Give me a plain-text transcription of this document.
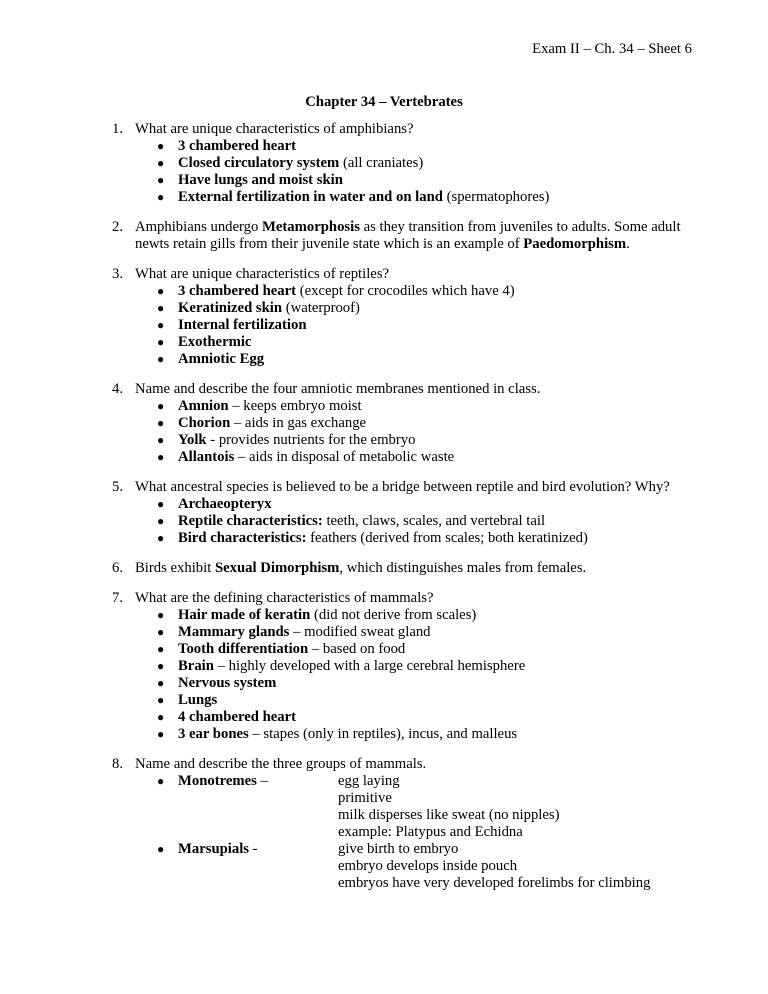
Exam II – Ch. 34 – Sheet 6
Chapter 34 – Vertebrates
1. What are unique characteristics of amphibians?
● 3 chambered heart
● Closed circulatory system (all craniates)
● Have lungs and moist skin
● External fertilization in water and on land (spermatophores)
2. Amphibians undergo Metamorphosis as they transition from juveniles to adults. Some adult newts retain gills from their juvenile state which is an example of Paedomorphism.
3. What are unique characteristics of reptiles?
● 3 chambered heart (except for crocodiles which have 4)
● Keratinized skin (waterproof)
● Internal fertilization
● Exothermic
● Amniotic Egg
4. Name and describe the four amniotic membranes mentioned in class.
● Amnion – keeps embryo moist
● Chorion – aids in gas exchange
● Yolk - provides nutrients for the embryo
● Allantois – aids in disposal of metabolic waste
5. What ancestral species is believed to be a bridge between reptile and bird evolution? Why?
● Archaeopteryx
● Reptile characteristics: teeth, claws, scales, and vertebral tail
● Bird characteristics: feathers (derived from scales; both keratinized)
6. Birds exhibit Sexual Dimorphism, which distinguishes males from females.
7. What are the defining characteristics of mammals?
● Hair made of keratin (did not derive from scales)
● Mammary glands – modified sweat gland
● Tooth differentiation – based on food
● Brain – highly developed with a large cerebral hemisphere
● Nervous system
● Lungs
● 4 chambered heart
● 3 ear bones – stapes (only in reptiles), incus, and malleus
8. Name and describe the three groups of mammals.
● Monotremes –	egg laying
primitive
milk disperses like sweat (no nipples)
example: Platypus and Echidna
● Marsupials -	give birth to embryo
embryo develops inside pouch
embryos have very developed forelimbs for climbing
